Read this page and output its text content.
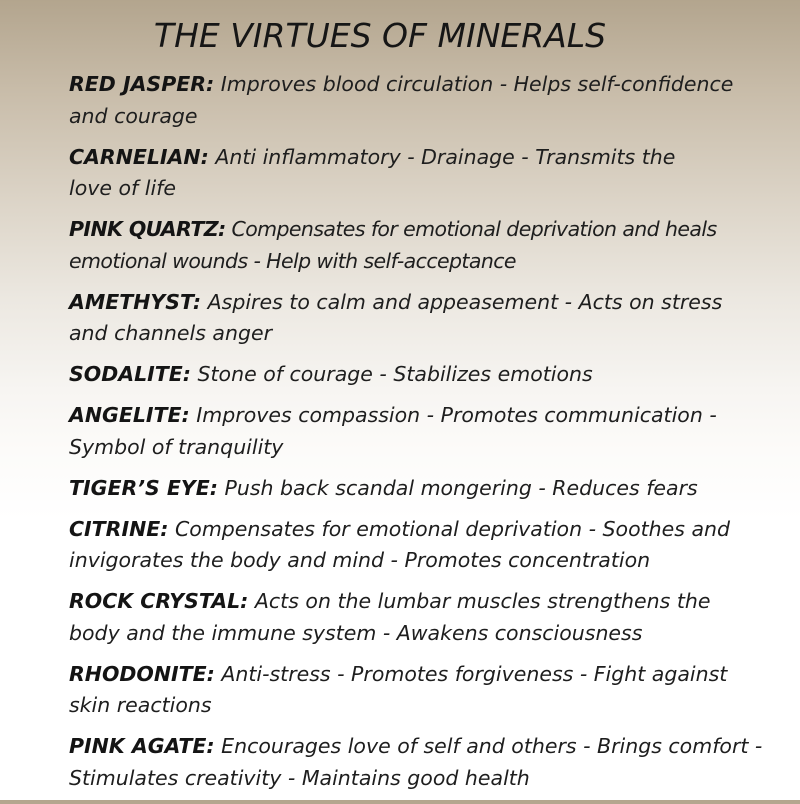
THE VIRTUES OF MINERALS
RED JASPER: Improves blood circulation - Helps self-confidence and courage
CARNELIAN: Anti inflammatory - Drainage - Transmits the love of life
PINK QUARTZ: Compensates for emotional deprivation and heals emotional wounds - Help with self-acceptance
AMETHYST: Aspires to calm and appeasement - Acts on stress and channels anger
SODALITE: Stone of courage - Stabilizes emotions
ANGELITE: Improves compassion - Promotes communication - Symbol of tranquility
TIGER’S EYE: Push back scandal mongering - Reduces fears
CITRINE: Compensates for emotional deprivation - Soothes and invigorates the body and mind - Promotes concentration
ROCK CRYSTAL: Acts on the lumbar muscles strengthens the body and the immune system - Awakens consciousness
RHODONITE: Anti-stress - Promotes forgiveness - Fight against skin reactions
PINK AGATE: Encourages love of self and others - Brings comfort - Stimulates creativity - Maintains good health
